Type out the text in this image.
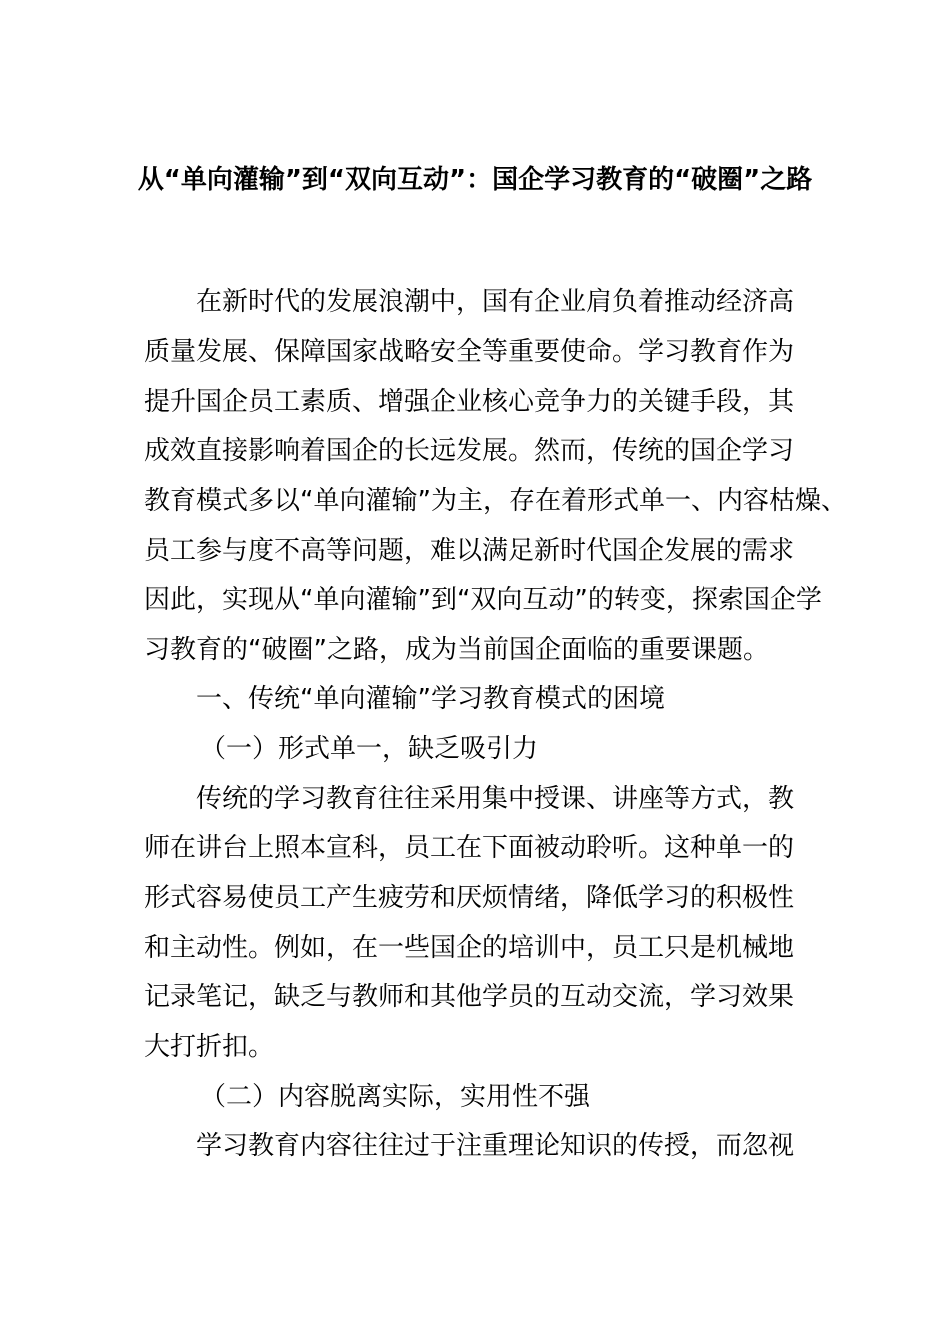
从“单向灌输”到“双向互动”：国企学习教育的“破圈”之路
在新时代的发展浪潮中，国有企业肩负着推动经济高
质量发展、保障国家战略安全等重要使命。学习教育作为
提升国企员工素质、增强企业核心竞争力的关键手段，其
成效直接影响着国企的长远发展。然而，传统的国企学习
教育模式多以“单向灌输”为主，存在着形式单一、内容枯燥、
员工参与度不高等问题，难以满足新时代国企发展的需求
因此，实现从“单向灌输”到“双向互动”的转变，探索国企学
习教育的“破圈”之路，成为当前国企面临的重要课题。
一、传统“单向灌输”学习教育模式的困境
（一）形式单一，缺乏吸引力
传统的学习教育往往采用集中授课、讲座等方式，教
师在讲台上照本宣科，员工在下面被动聆听。这种单一的
形式容易使员工产生疲劳和厌烦情绪，降低学习的积极性
和主动性。例如，在一些国企的培训中，员工只是机械地
记录笔记，缺乏与教师和其他学员的互动交流，学习效果
大打折扣。
（二）内容脱离实际，实用性不强
学习教育内容往往过于注重理论知识的传授，而忽视
